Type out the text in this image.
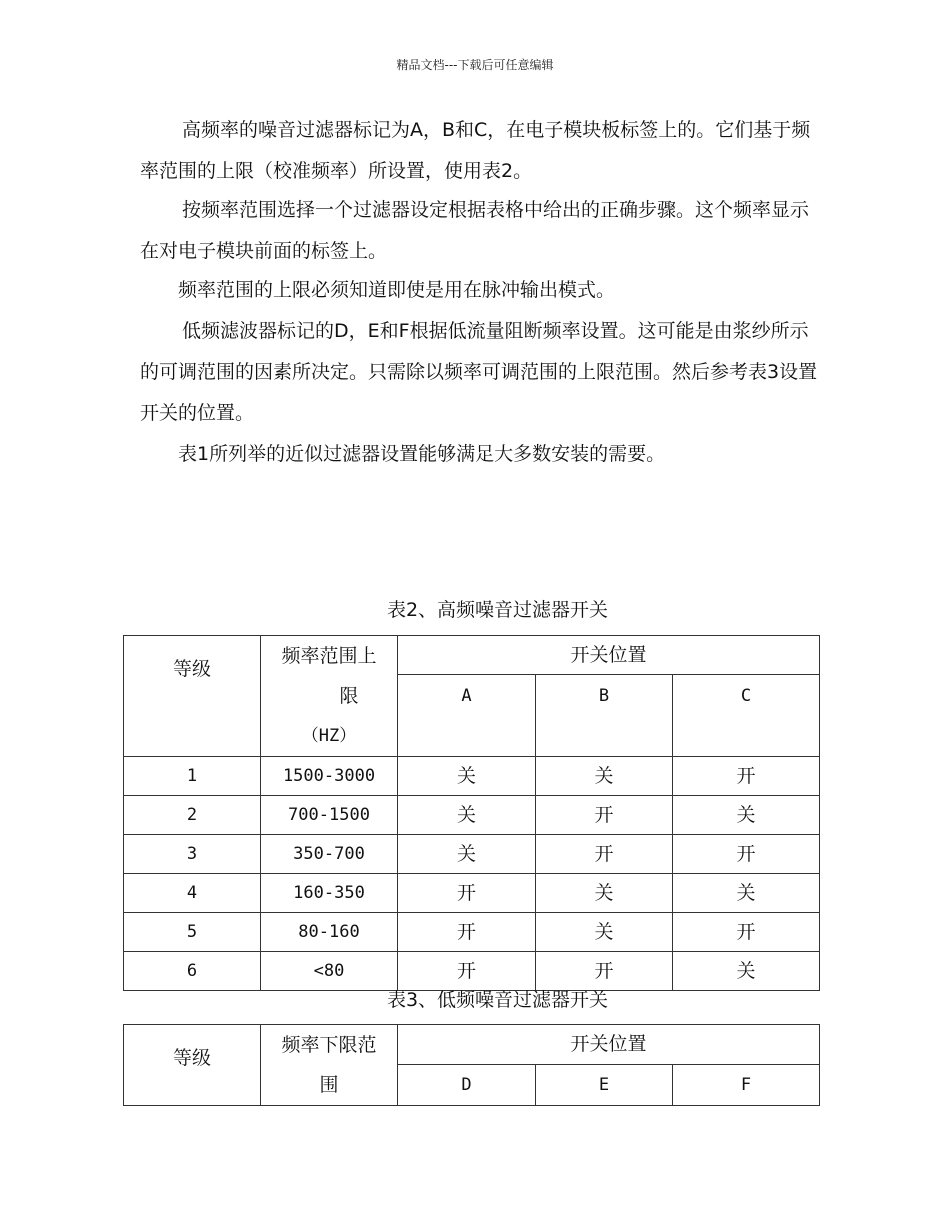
精品文档---下载后可任意编辑

高频率的噪音过滤器标记为A，B和C，在电子模块板标签上的。它们基于频率范围的上限（校准频率）所设置，使用表2。

按频率范围选择一个过滤器设定根据表格中给出的正确步骤。这个频率显示在对电子模块前面的标签上。

频率范围的上限必须知道即使是用在脉冲输出模式。

低频滤波器标记的D，E和F根据低流量阻断频率设置。这可能是由浆纱所示的可调范围的因素所决定。只需除以频率可调范围的上限范围。然后参考表3设置开关的位置。

表1所列举的近似过滤器设置能够满足大多数安装的需要。

表2、高频噪音过滤器开关
等级	频率范围上
限
（HZ）	开关位置		
		A	B	C
1	1500-3000	关	关	开
2	700-1500	关	开	关
3	350-700	关	开	开
4	160-350	开	关	关
5	80-160	开	关	开
6	<80	开	开	关
表3、低频噪音过滤器开关
等级	频率下限范
围	开关位置		
		D	E	F
